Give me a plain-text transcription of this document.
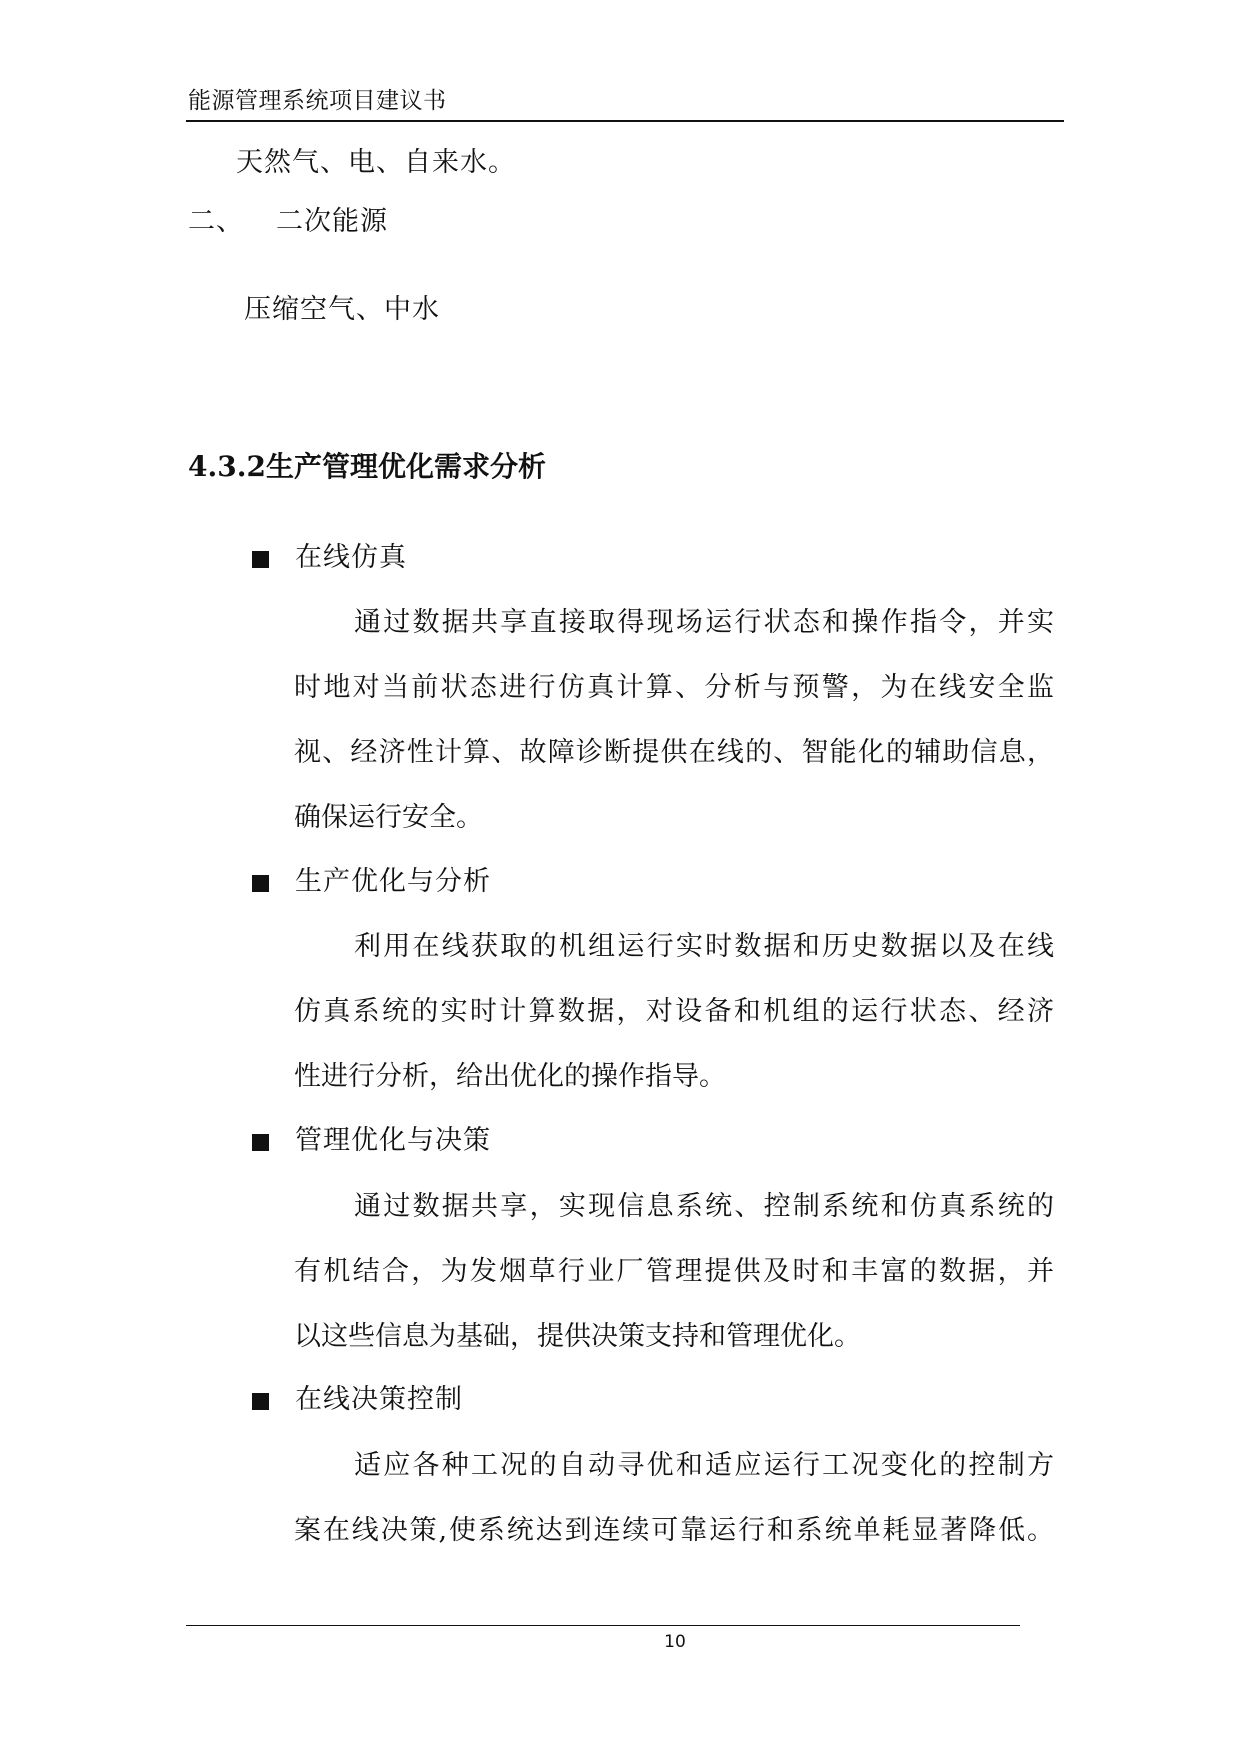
能源管理系统项目建议书
天然气、电、自来水。
二、 二次能源
压缩空气、中水
4.3.2生产管理优化需求分析
在线仿真
通过数据共享直接取得现场运行状态和操作指令，并实
时地对当前状态进行仿真计算、分析与预警，为在线安全监
视、经济性计算、故障诊断提供在线的、智能化的辅助信息，
确保运行安全。
生产优化与分析
利用在线获取的机组运行实时数据和历史数据以及在线
仿真系统的实时计算数据，对设备和机组的运行状态、经济
性进行分析，给出优化的操作指导。
管理优化与决策
通过数据共享，实现信息系统、控制系统和仿真系统的
有机结合，为发烟草行业厂管理提供及时和丰富的数据，并
以这些信息为基础，提供决策支持和管理优化。
在线决策控制
适应各种工况的自动寻优和适应运行工况变化的控制方
案在线决策,使系统达到连续可靠运行和系统单耗显著降低。
10
